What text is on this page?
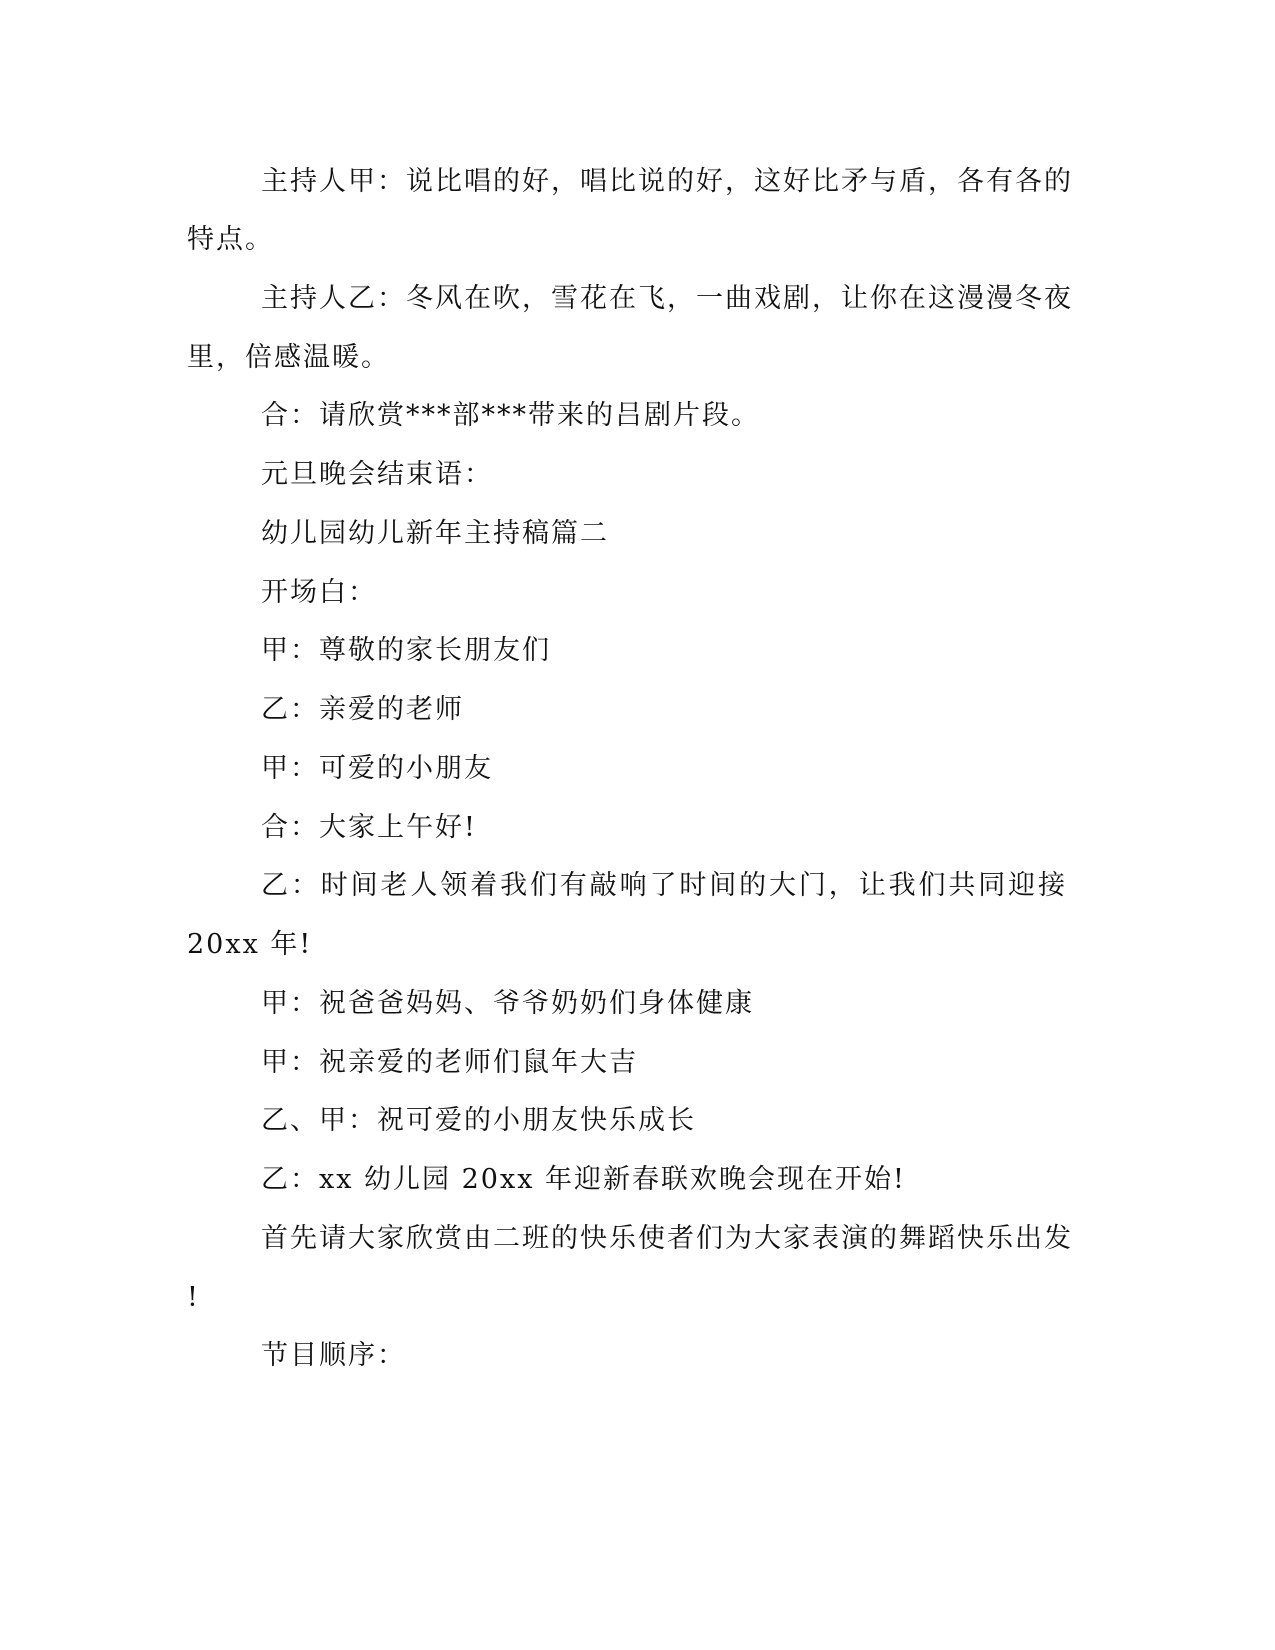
主持人甲：说比唱的好，唱比说的好，这好比矛与盾，各有各的
特点。
主持人乙：冬风在吹，雪花在飞，一曲戏剧，让你在这漫漫冬夜
里，倍感温暖。
合：请欣赏***部***带来的吕剧片段。
元旦晚会结束语：
幼儿园幼儿新年主持稿篇二
开场白：
甲：尊敬的家长朋友们
乙：亲爱的老师
甲：可爱的小朋友
合：大家上午好!
乙：时间老人领着我们有敲响了时间的大门，让我们共同迎接
20xx 年!
甲：祝爸爸妈妈、爷爷奶奶们身体健康
甲：祝亲爱的老师们鼠年大吉
乙、甲：祝可爱的小朋友快乐成长
乙：xx 幼儿园 20xx 年迎新春联欢晚会现在开始!
首先请大家欣赏由二班的快乐使者们为大家表演的舞蹈快乐出发
!
节目顺序：
